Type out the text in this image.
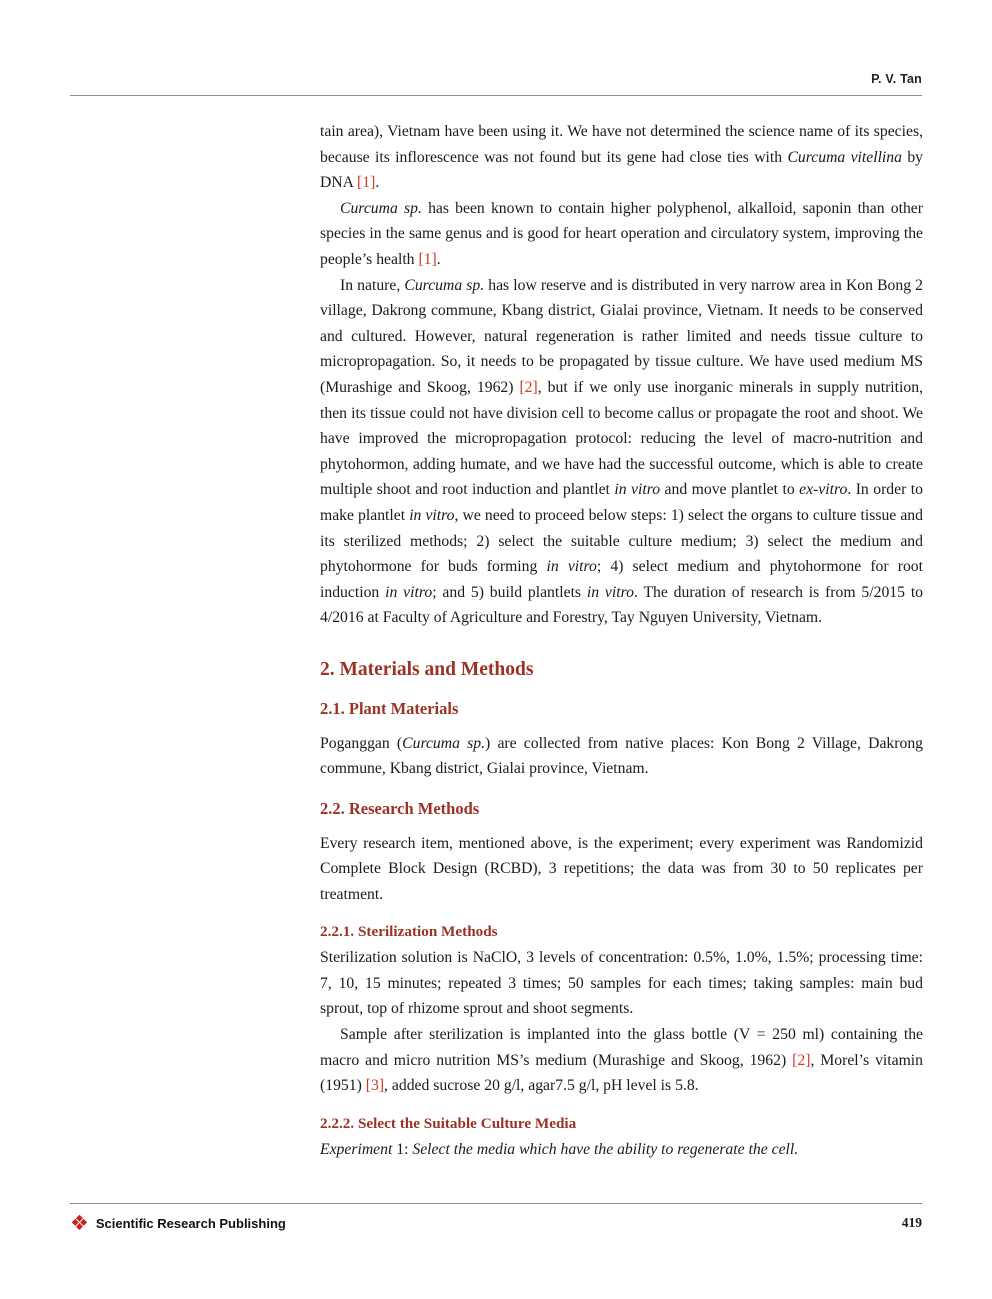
P. V. Tan

tain area), Vietnam have been using it. We have not determined the science name of its species, because its inflorescence was not found but its gene had close ties with Curcuma vitellina by DNA [1].

Curcuma sp. has been known to contain higher polyphenol, alkalloid, saponin than other species in the same genus and is good for heart operation and circulatory system, improving the people’s health [1].

In nature, Curcuma sp. has low reserve and is distributed in very narrow area in Kon Bong 2 village, Dakrong commune, Kbang district, Gialai province, Vietnam. It needs to be conserved and cultured. However, natural regeneration is rather limited and needs tissue culture to micropropagation. So, it needs to be propagated by tissue culture. We have used medium MS (Murashige and Skoog, 1962) [2], but if we only use inorganic minerals in supply nutrition, then its tissue could not have division cell to become callus or propagate the root and shoot. We have improved the micropropagation protocol: reducing the level of macro-nutrition and phytohormon, adding humate, and we have had the successful outcome, which is able to create multiple shoot and root induction and plantlet in vitro and move plantlet to ex-vitro. In order to make plantlet in vitro, we need to proceed below steps: 1) select the organs to culture tissue and its sterilized methods; 2) select the suitable culture medium; 3) select the medium and phytohormone for buds forming in vitro; 4) select medium and phytohormone for root induction in vitro; and 5) build plantlets in vitro. The duration of research is from 5/2015 to 4/2016 at Faculty of Agriculture and Forestry, Tay Nguyen University, Vietnam.

2. Materials and Methods
2.1. Plant Materials

Poganggan (Curcuma sp.) are collected from native places: Kon Bong 2 Village, Dakrong commune, Kbang district, Gialai province, Vietnam.

2.2. Research Methods

Every research item, mentioned above, is the experiment; every experiment was Randomizid Complete Block Design (RCBD), 3 repetitions; the data was from 30 to 50 replicates per treatment.

2.2.1. Sterilization Methods

Sterilization solution is NaClO, 3 levels of concentration: 0.5%, 1.0%, 1.5%; processing time: 7, 10, 15 minutes; repeated 3 times; 50 samples for each times; taking samples: main bud sprout, top of rhizome sprout and shoot segments.

Sample after sterilization is implanted into the glass bottle (V = 250 ml) containing the macro and micro nutrition MS’s medium (Murashige and Skoog, 1962) [2], Morel’s vitamin (1951) [3], added sucrose 20 g/l, agar7.5 g/l, pH level is 5.8.

2.2.2. Select the Suitable Culture Media

Experiment 1: Select the media which have the ability to regenerate the cell.

❖ Scientific Research Publishing	419
